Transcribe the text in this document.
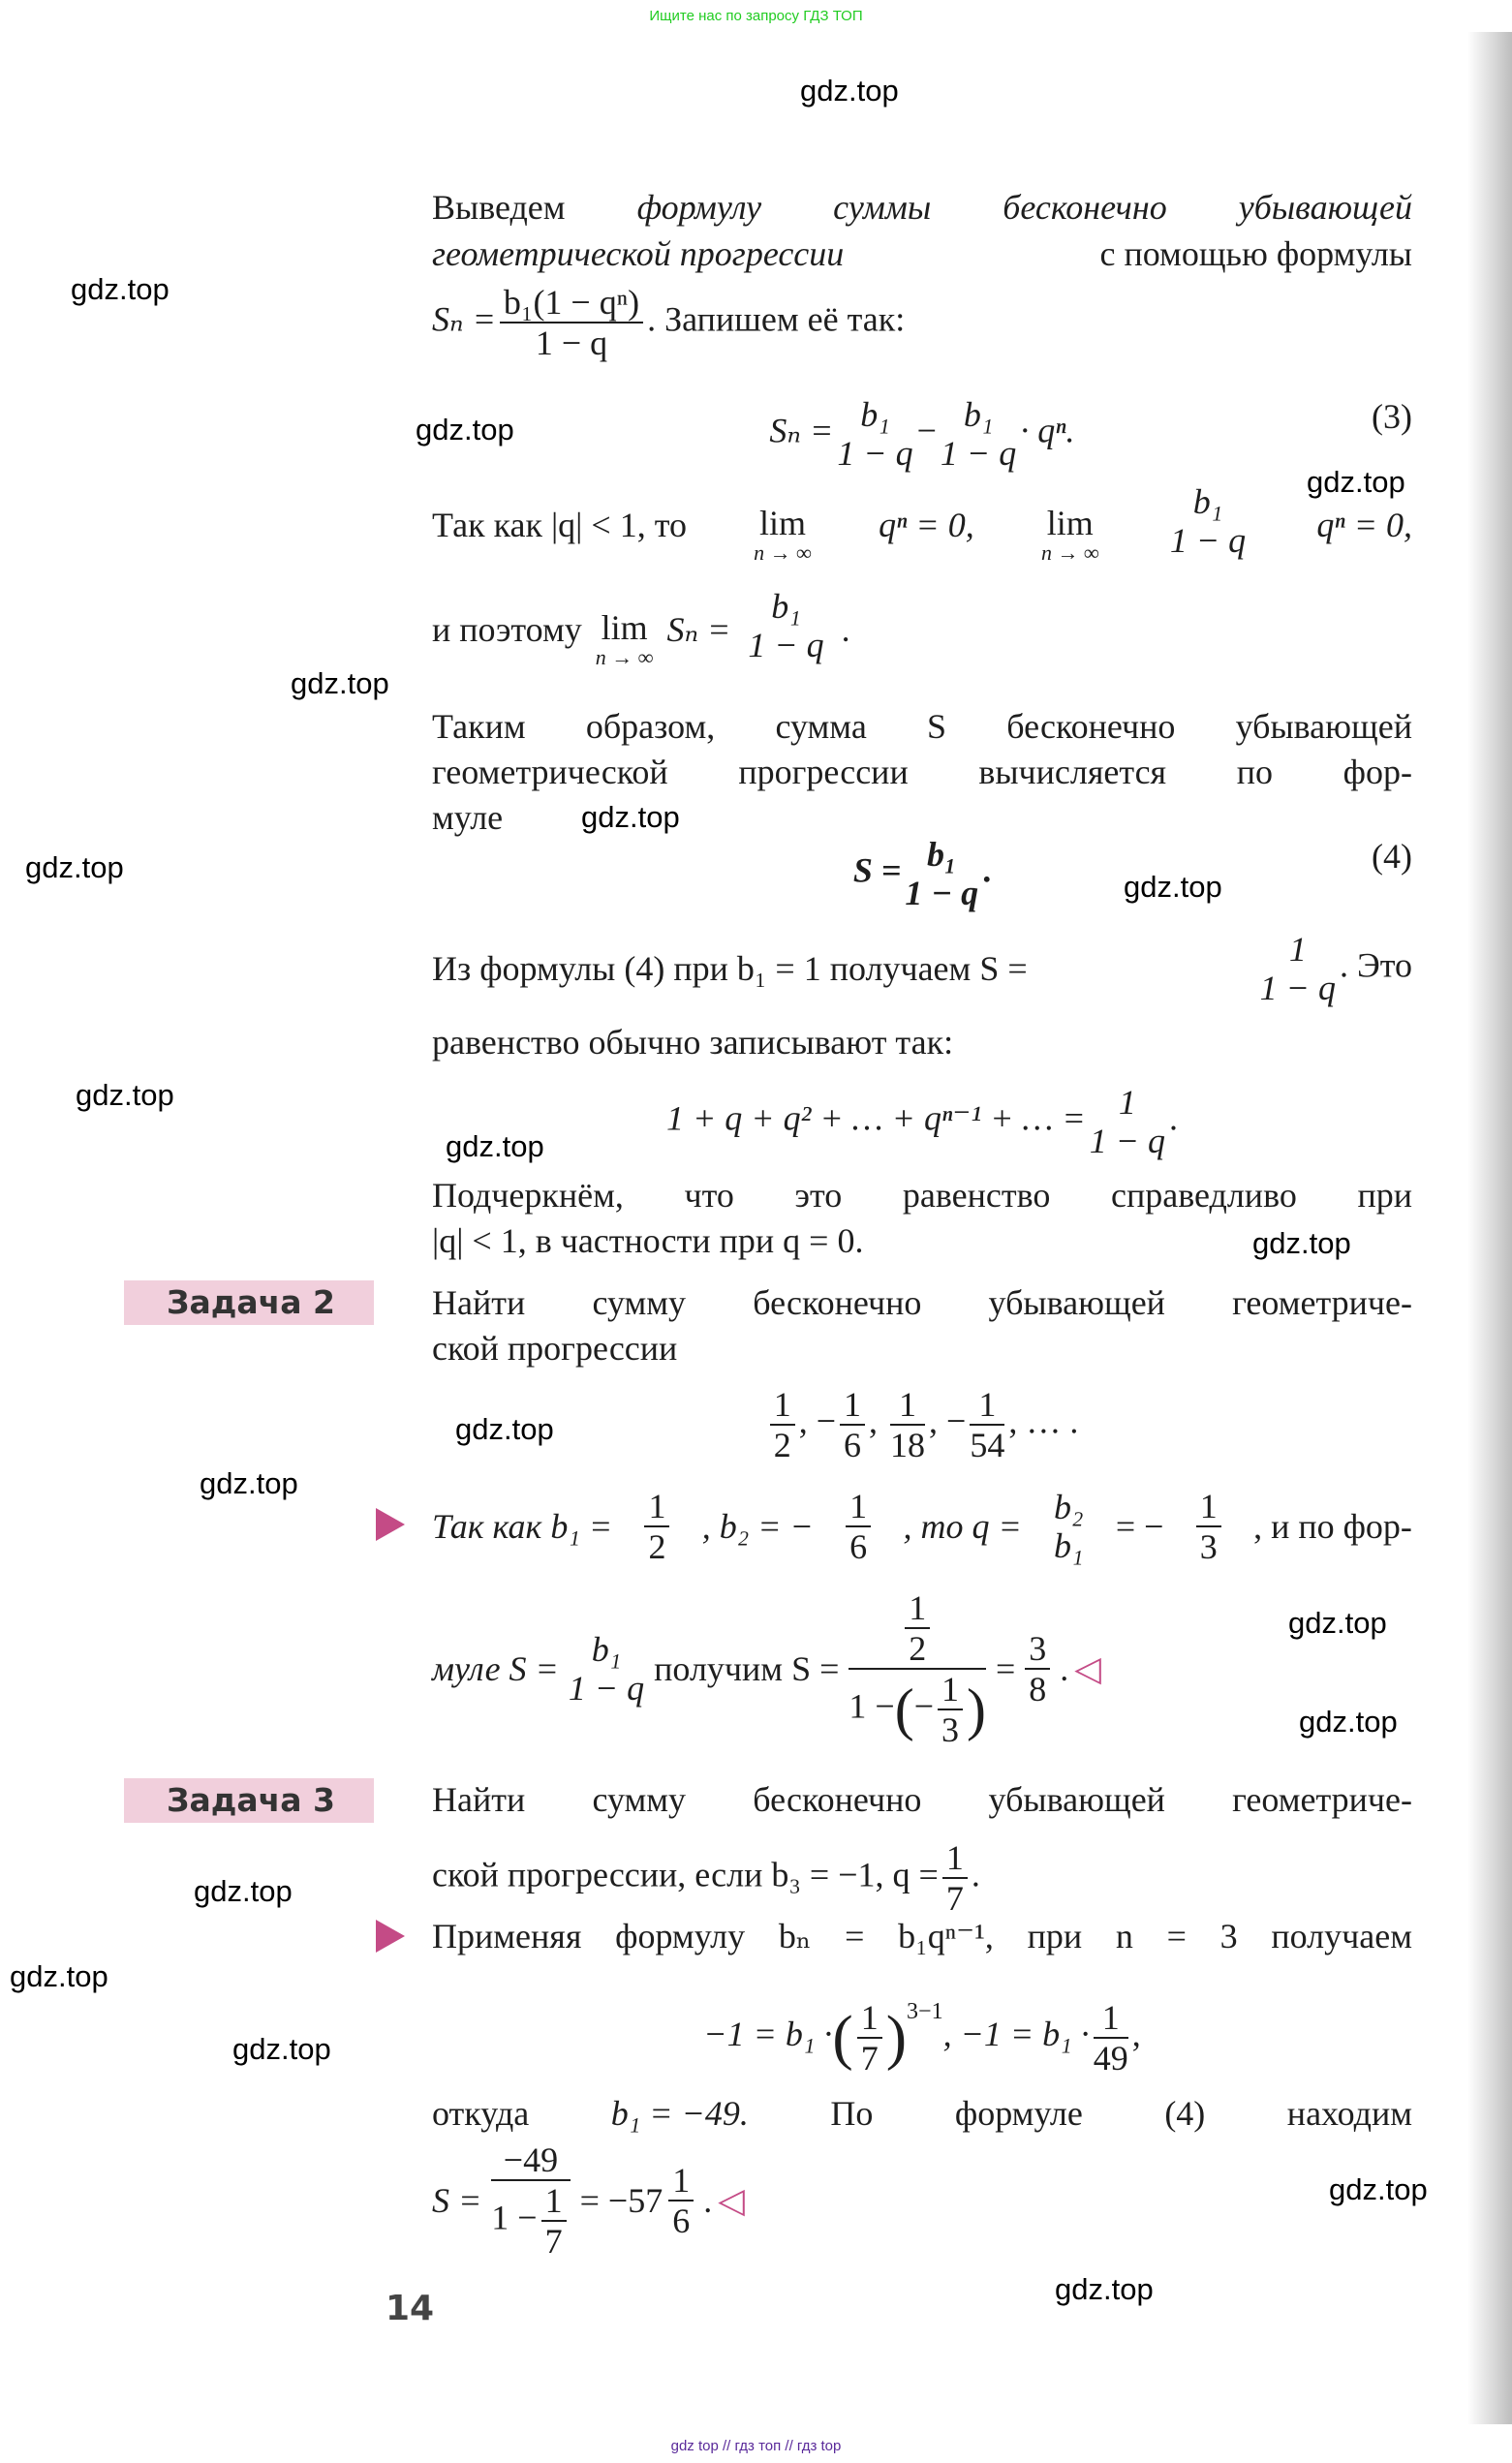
Ищите нас по запросу ГДЗ ТОП
Выведем формулу суммы бесконечно убывающей
геометрической прогрессии	с помощью формулы
$S_n = \frac{\text{b₁(1 − qⁿ)}}{1 - q}$ . Запишем её так:
Sₙ = b₁
1 − q
− b₁
1 − q
· qⁿ.	(3)
Так как |q| < 1, то lim
n → ∞
qⁿ = 0, lim
n → ∞
b₁
1 − q qⁿ = 0,
и поэтому lim
n → ∞
Sₙ =
b₁
1 − q .
Таким образом, сумма S бесконечно убывающей
геометрической прогрессии вычисляется по фор-
муле
S = b₁
1 − q
.	(4)
Из формулы (4) при b₁ = 1 получаем S =	1
1 − q
. Это
равенство обычно записывают так:
1 + q + q² + … + qⁿ⁻¹ + … = 1
1 − q
.
Подчеркнём, что это равенство справедливо при
|q| < 1, в частности при q = 0.
Задача 2	Найти сумму бесконечно убывающей геометриче-
ской прогрессии
$\frac{1}{2}$ , − $\frac{1}{6}$ , $\frac{1}{18}$ , − $\frac{1}{54}$ , … .
Так как $b_1 = \frac{1}{2}$ , b₂ = − $\frac{1}{6}$ , то q = b₂
b₁ = − $\frac{1}{3}$ , и по фор-
муле S = b₁
1 − q получим $S = \frac{\frac{1}{2}}{1 -(- \frac{1}{3} )} = \frac{3}{8}$ . ◁
Задача 3	Найти сумму бесконечно убывающей геометриче-
ской прогрессии, если b₃ = −1, $q = \frac{1}{7}$ .
Применяя формулу bₙ = b₁qⁿ⁻¹, при n = 3 получаем
−1 = b₁ ·( $\frac{1}{7} )^{3-1}$, $-1 = b_1 \cdot \frac{1}{49}$ ,
откуда b₁ = −49. По формуле (4) находим
$S = \frac{-49}{1 - \frac{1}{7}} = -57$
1
6
. ◁
14
gdz.top
gdz.top
gdz.top
gdz.top
gdz.top
gdz.top
gdz.top
gdz.top
gdz.top
gdz.top
gdz.top
gdz.top
gdz.top
gdz.top
gdz.top
gdz.top
gdz.top
gdz.top
gdz.top
gdz.top
gdz top // гдз топ // гдз top
